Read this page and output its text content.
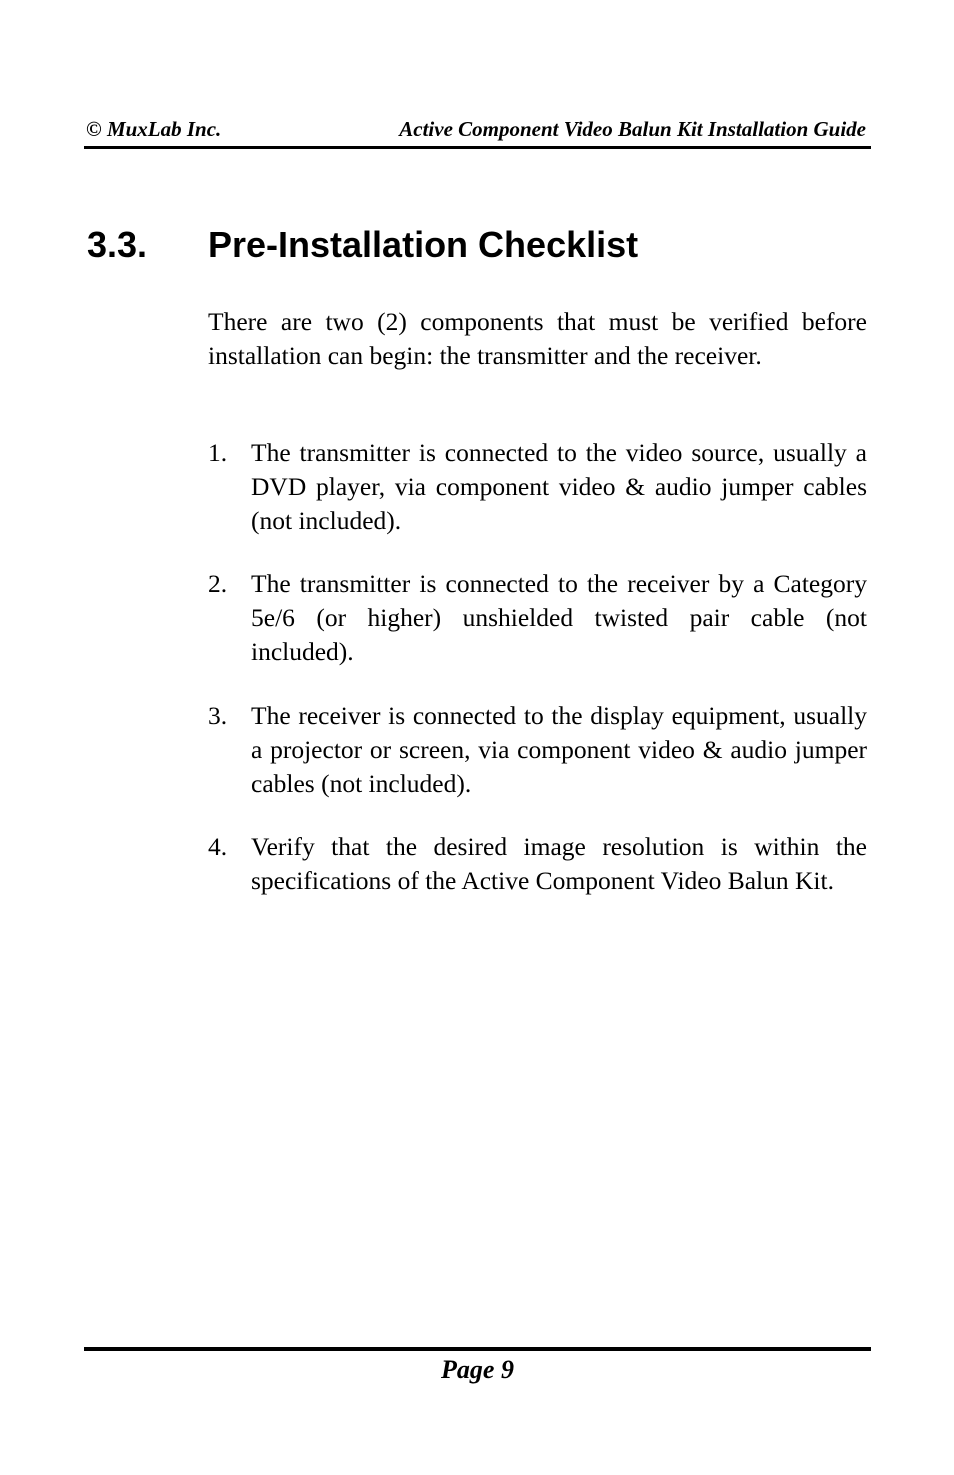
© MuxLab Inc.	Active Component Video Balun Kit Installation Guide
3.3. Pre-Installation Checklist
There are two (2) components that must be verified before installation can begin: the transmitter and the receiver.
1. The transmitter is connected to the video source, usually a DVD player, via component video & audio jumper cables (not included).
2. The transmitter is connected to the receiver by a Category 5e/6 (or higher) unshielded twisted pair cable (not included).
3. The receiver is connected to the display equipment, usually a projector or screen, via component video & audio jumper cables (not included).
4. Verify that the desired image resolution is within the specifications of the Active Component Video Balun Kit.
Page 9
